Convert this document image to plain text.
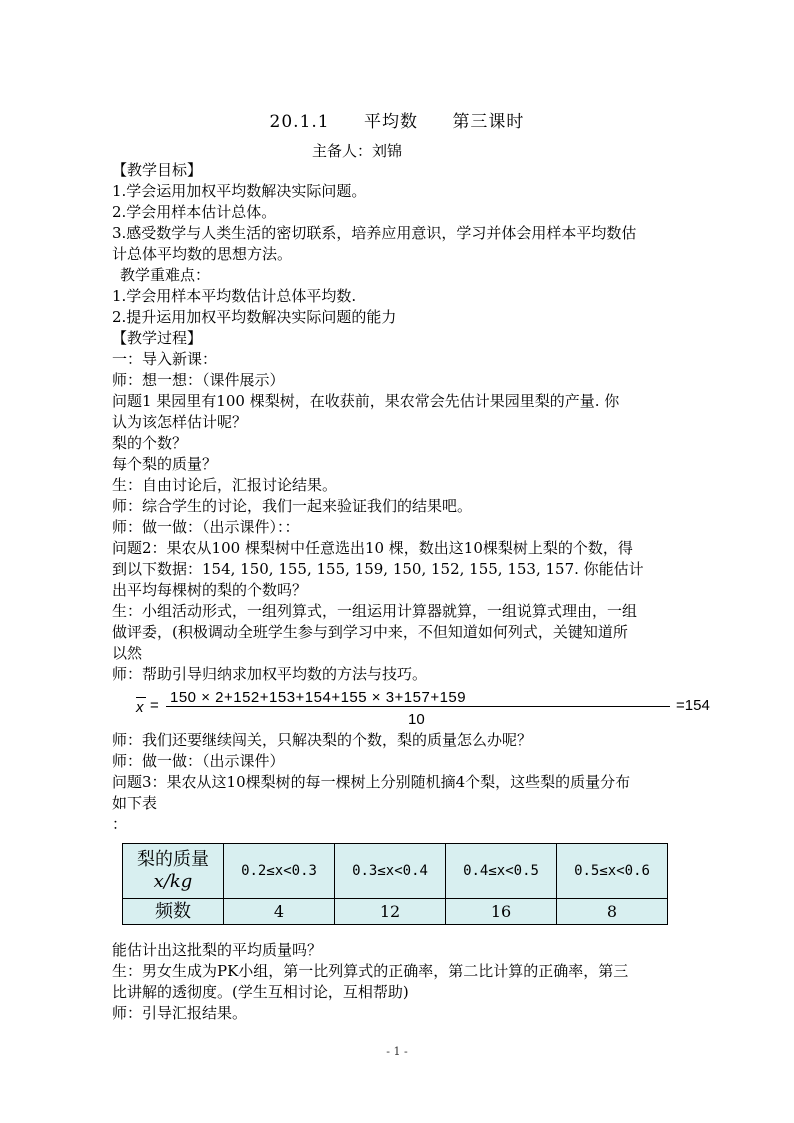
20.1.1 平均数 第三课时
主备人：刘锦

【教学目标】

1.学会运用加权平均数解决实际问题。

2.学会用样本估计总体。

3.感受数学与人类生活的密切联系，培养应用意识，学习并体会用样本平均数估

计总体平均数的思想方法。

教学重难点：

1.学会用样本平均数估计总体平均数.

2.提升运用加权平均数解决实际问题的能力

【教学过程】

一：导入新课：

师：想一想：（课件展示）

问题1 果园里有100 棵梨树，在收获前，果农常会先估计果园里梨的产量. 你

认为该怎样估计呢？

梨的个数？

每个梨的质量？

生：自由讨论后，汇报讨论结果。

师：综合学生的讨论，我们一起来验证我们的结果吧。

师：做一做：（出示课件）：：

问题2：果农从100 棵梨树中任意选出10 棵，数出这10棵梨树上梨的个数，得

到以下数据：154, 150, 155, 155, 159, 150, 152, 155, 153, 157. 你能估计

出平均每棵树的梨的个数吗？

生：小组活动形式，一组列算式，一组运用计算器就算，一组说算式理由，一组

做评委，(积极调动全班学生参与到学习中来，不但知道如何列式，关键知道所

以然

师：帮助引导归纳求加权平均数的方法与技巧。

x = 150 × 2+152+153+154+155 × 3+157+159
10
=154

师：我们还要继续闯关，只解决梨的个数，梨的质量怎么办呢？

师：做一做：（出示课件）

问题3：果农从这10棵梨树的每一棵树上分别随机摘4个梨，这些梨的质量分布

如下表

：

梨的质量
x/kg	0.2≤x<0.3	0.3≤x<0.4	0.4≤x<0.5	0.5≤x<0.6
频数	4	12	16	8

能估计出这批梨的平均质量吗？

生：男女生成为PK小组，第一比列算式的正确率，第二比计算的正确率，第三

比讲解的透彻度。(学生互相讨论，互相帮助)

师：引导汇报结果。

- 1 -
